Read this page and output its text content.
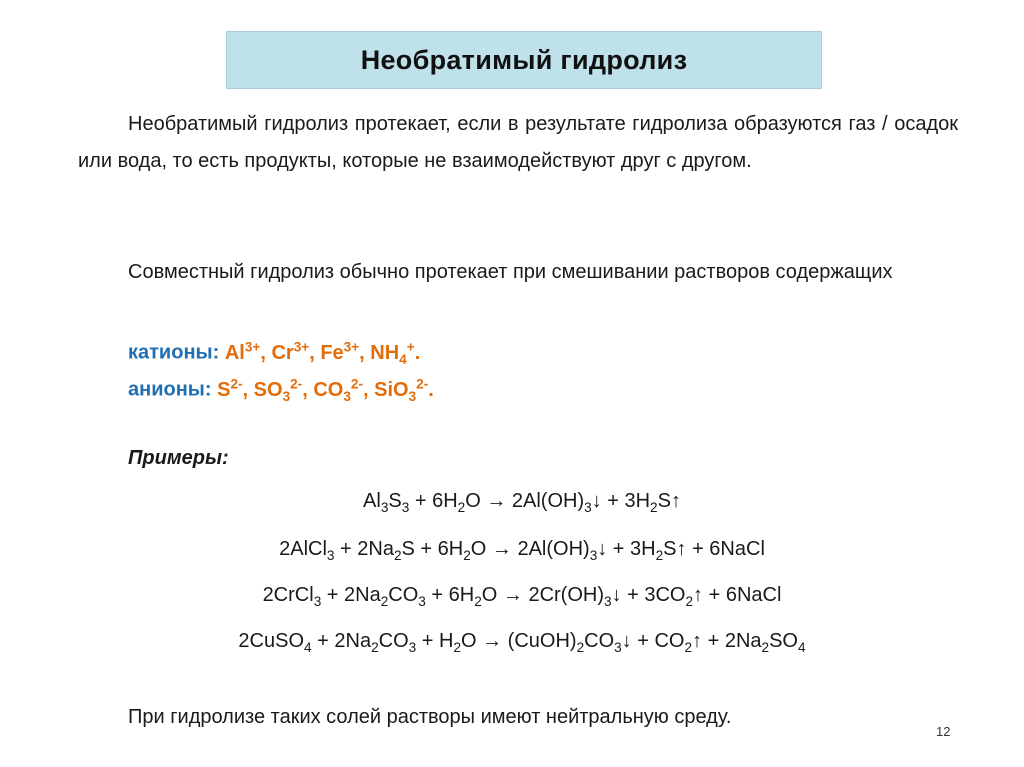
Необратимый гидролиз
Необратимый гидролиз протекает, если в результате гидролиза образуются газ / осадок или вода, то есть продукты, которые не взаимодействуют друг с другом.
Совместный гидролиз обычно протекает при смешивании растворов содержащих
катионы: $Al^{3+}$, $Cr^{3+}$, $Fe^{3+}$, $NH_4^+$.
анионы: $S^{2-}$, $SO_3^{2-}$, $CO_3^{2-}$, SiO$_3^{2-}$.
Примеры:
$Al_3S_3 + 6H_2O$ → $2Al(OH)_3↓$ + $3H_2S↑$
2AlCl$_3$ + $2Na_2S + 6H_2O$ → $2Al(OH)_3↓$ + $3H_2S↑$ + 6NaCl
2CrCl$_3$ + $2Na_2CO_3 + 6H_2O$ → $2Cr(OH)_3↓$ + $3CO_2↑$ + 6NaCl
2CuSO$_4$ + $2Na_2CO_3 + H_2O$ → $(CuOH)_2CO_3↓$ + $CO_2↑ + 2Na_2SO_4$
При гидролизе таких солей растворы имеют нейтральную среду.
12
